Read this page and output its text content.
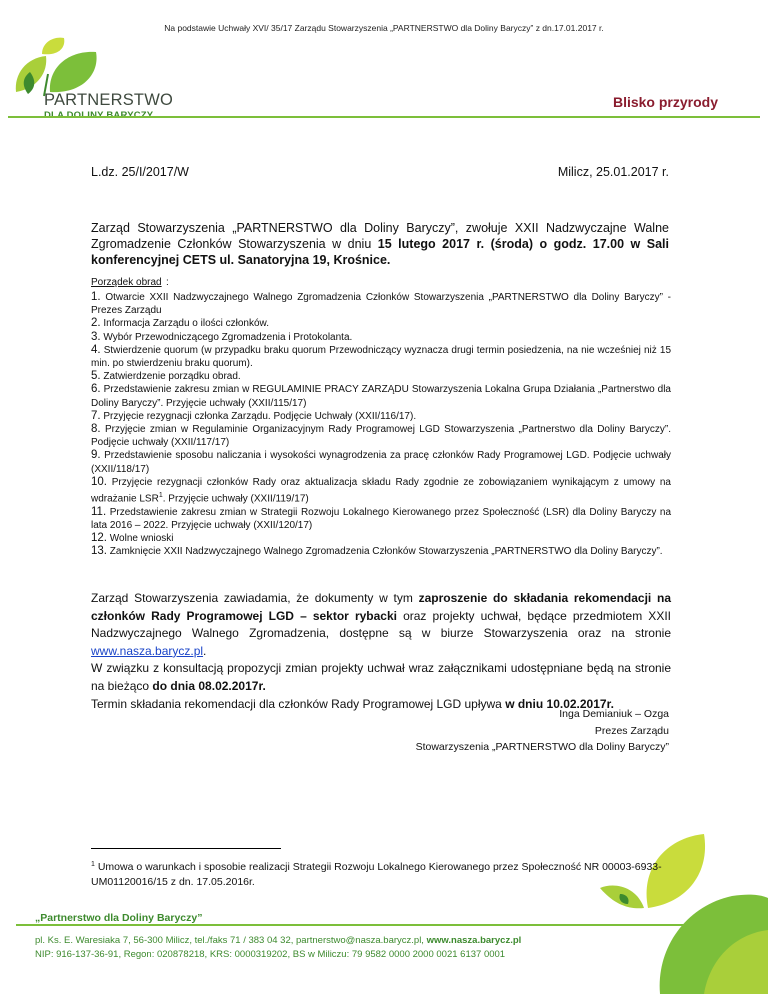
Na podstawie Uchwały XVI/ 35/17 Zarządu Stowarzyszenia „PARTNERSTWO dla Doliny Baryczy” z dn.17.01.2017 r.
PARTNERSTWO	Blisko przyrody
L.dz. 25/I/2017/W	Milicz, 25.01.2017 r.
Zarząd Stowarzyszenia „PARTNERSTWO dla Doliny Baryczy”, zwołuje XXII Nadzwyczajne Walne Zgromadzenie Członków Stowarzyszenia w dniu 15 lutego 2017 r. (środa) o godz. 17.00 w Sali konferencyjnej CETS ul. Sanatoryjna 19, Krośnice.
Porządek obrad :
1. Otwarcie XXII Nadzwyczajnego Walnego Zgromadzenia Członków Stowarzyszenia „PARTNERSTWO dla Doliny Baryczy” - Prezes Zarządu
2. Informacja Zarządu o ilości członków.
3. Wybór Przewodniczącego Zgromadzenia i Protokolanta.
4. Stwierdzenie quorum (w przypadku braku quorum Przewodniczący wyznacza drugi termin posiedzenia, na nie wcześniej niż 15 min. po stwierdzeniu braku quorum).
5. Zatwierdzenie porządku obrad.
6. Przedstawienie zakresu zmian w REGULAMINIE PRACY ZARZĄDU Stowarzyszenia Lokalna Grupa Działania „Partnerstwo dla Doliny Baryczy”. Przyjęcie uchwały (XXII/115/17)
7. Przyjęcie rezygnacji członka Zarządu. Podjęcie Uchwały (XXII/116/17).
8. Przyjęcie zmian w Regulaminie Organizacyjnym Rady Programowej LGD Stowarzyszenia „Partnerstwo dla Doliny Baryczy”. Podjęcie uchwały (XXII/117/17)
9. Przedstawienie sposobu naliczania i wysokości wynagrodzenia za pracę członków Rady Programowej LGD. Podjęcie uchwały (XXII/118/17)
10. Przyjęcie rezygnacji członków Rady oraz aktualizacja składu Rady zgodnie ze zobowiązaniem wynikającym z umowy na wdrażanie LSR$^1$. Przyjęcie uchwały (XXII/119/17)
11. Przedstawienie zakresu zmian w Strategii Rozwoju Lokalnego Kierowanego przez Społeczność (LSR) dla Doliny Baryczy na lata 2016 – 2022. Przyjęcie uchwały (XXII/120/17)
12. Wolne wnioski
13. Zamknięcie XXII Nadzwyczajnego Walnego Zgromadzenia Członków Stowarzyszenia „PARTNERSTWO dla Doliny Baryczy”.
Zarząd Stowarzyszenia zawiadamia, że dokumenty w tym zaproszenie do składania rekomendacji na członków Rady Programowej LGD – sektor rybacki oraz projekty uchwał, będące przedmiotem XXII Nadzwyczajnego Walnego Zgromadzenia, dostępne są w biurze Stowarzyszenia oraz na stronie www.nasza.barycz.pl.
W związku z konsultacją propozycji zmian projekty uchwał wraz załącznikami udostępniane będą na stronie na bieżąco do dnia 08.02.2017r.
Termin składania rekomendacji dla członków Rady Programowej LGD upływa w dniu 10.02.2017r.
Inga Demianiuk – Ozga
Prezes Zarządu
Stowarzyszenia „PARTNERSTWO dla Doliny Baryczy”
$^1$ Umowa o warunkach i sposobie realizacji Strategii Rozwoju Lokalnego Kierowanego przez Społeczność NR 00003-6933-UM01120016/15 z dn. 17.05.2016r.
„Partnerstwo dla Doliny Baryczy”
pl. Ks. E. Waresiaka 7, 56-300 Milicz, tel./faks 71 / 383 04 32, partnerstwo@nasza.barycz.pl, www.nasza.barycz.pl
NIP: 916-137-36-91, Regon: 020878218, KRS: 0000319202, BS w Miliczu: 79 9582 0000 2000 0021 6137 0001
